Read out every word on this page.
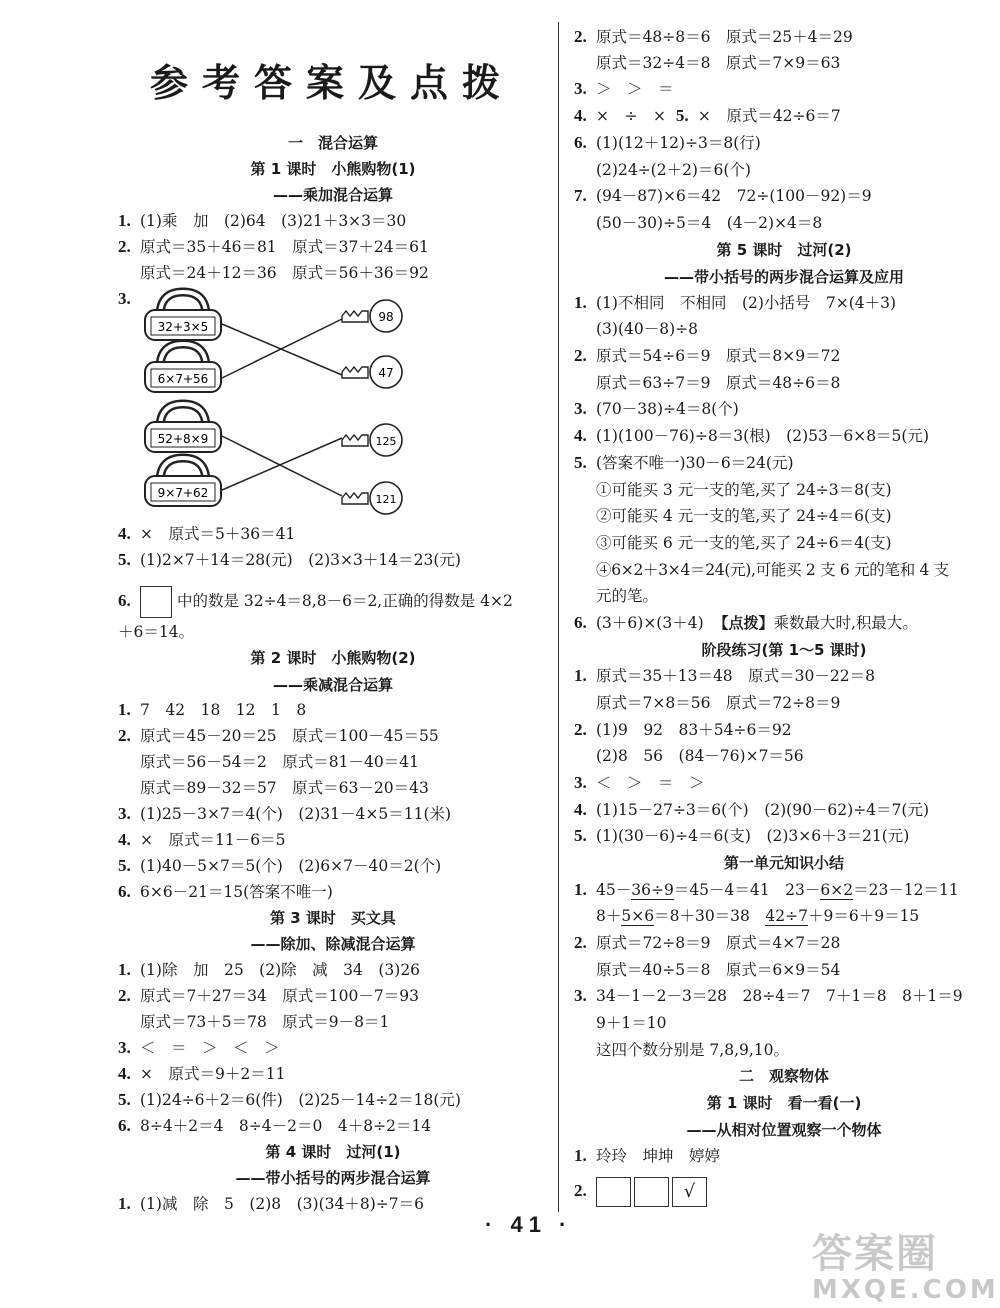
参考答案及点拨
一　混合运算
第 1 课时　小熊购物(1)
——乘加混合运算
1. (1)乘　加　(2)64　(3)21＋3×3＝30
2. 原式＝35＋46＝81　原式＝37＋24＝61
原式＝24＋12＝36　原式＝56＋36＝92
3.
32+3×5
6×7+56
52+8×9
9×7+62
98
47
125
121
4. ×　原式＝5＋36＝41
5. (1)2×7＋14＝28(元)　(2)3×3＋14＝23(元)
6.	中的数是 32÷4＝8,8－6＝2,正确的得数是 4×2
＋6＝14。
第 2 课时　小熊购物(2)
——乘减混合运算
1. 7　42　18　12　1　8
2. 原式＝45－20＝25　原式＝100－45＝55
原式＝56－54＝2　原式＝81－40＝41
原式＝89－32＝57　原式＝63－20＝43
3. (1)25－3×7＝4(个)　(2)31－4×5＝11(米)
4. ×　原式＝11－6＝5
5. (1)40－5×7＝5(个)　(2)6×7－40＝2(个)
6. 6×6－21＝15(答案不唯一)
第 3 课时　买文具
——除加、除减混合运算
1. (1)除　加　25　(2)除　减　34　(3)26
2. 原式＝7＋27＝34　原式＝100－7＝93
原式＝73＋5＝78　原式＝9－8＝1
3. ＜　＝　＞　＜　＞
4. ×　原式＝9＋2＝11
5. (1)24÷6＋2＝6(件)　(2)25－14÷2＝18(元)
6. 8÷4＋2＝4　8÷4－2＝0　4＋8÷2＝14
第 4 课时　过河(1)
——带小括号的两步混合运算
1. (1)减　除　5　(2)8　(3)(34＋8)÷7＝6
2. 原式＝48÷8＝6　原式＝25＋4＝29
原式＝32÷4＝8　原式＝7×9＝63
3. ＞　＞　＝
4. ×　÷　× 5. ×　原式＝42÷6＝7
6. (1)(12＋12)÷3＝8(行)
(2)24÷(2＋2)＝6(个)
7. (94－87)×6＝42　72÷(100－92)＝9
(50－30)÷5＝4　(4－2)×4＝8
第 5 课时　过河(2)
——带小括号的两步混合运算及应用
1. (1)不相同　不相同　(2)小括号　7×(4＋3)
(3)(40－8)÷8
2. 原式＝54÷6＝9　原式＝8×9＝72
原式＝63÷7＝9　原式＝48÷6＝8
3. (70－38)÷4＝8(个)
4. (1)(100－76)÷8＝3(根)　(2)53－6×8＝5(元)
5. (答案不唯一)30－6＝24(元)
①可能买 3 元一支的笔,买了 24÷3＝8(支)
②可能买 4 元一支的笔,买了 24÷4＝6(支)
③可能买 6 元一支的笔,买了 24÷6＝4(支)
④6×2＋3×4＝24(元),可能买 2 支 6 元的笔和 4 支
元的笔。
6. (3＋6)×(3＋4) 【点拨】乘数最大时,积最大。
阶段练习(第 1～5 课时)
1. 原式＝35＋13＝48　原式＝30－22＝8
原式＝7×8＝56　原式＝72÷8＝9
2. (1)9　92　83＋54÷6＝92
(2)8　56　(84－76)×7＝56
3. ＜　＞　＝　＞
4. (1)15－27÷3＝6(个)　(2)(90－62)÷4＝7(元)
5. (1)(30－6)÷4＝6(支)　(2)3×6＋3＝21(元)
第一单元知识小结
1. 45－36÷9＝45－4＝41　23－6×2＝23－12＝11
8＋5×6＝8＋30＝38　42÷7＋9＝6＋9＝15
2. 原式＝72÷8＝9　原式＝4×7＝28
原式＝40÷5＝8　原式＝6×9＝54
3. 34－1－2－3＝28　28÷4＝7　7＋1＝8　8＋1＝9
9＋1＝10
这四个数分别是 7,8,9,10。
二　观察物体
第 1 课时　看一看(一)
——从相对位置观察一个物体
1. 玲玲　坤坤　婷婷
2.	√
· 41 ·
答案圈
MXQE.COM
